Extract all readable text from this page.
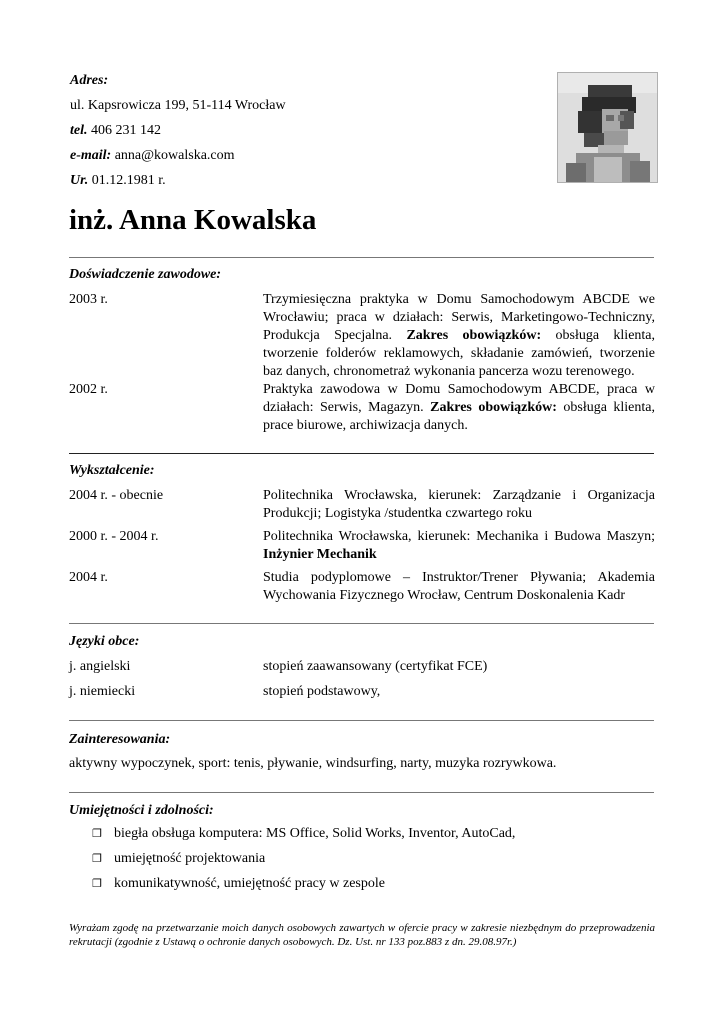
Adres:
ul. Kapsrowicza 199, 51-114 Wrocław
tel. 406 231 142
e-mail: anna@kowalska.com
Ur. 01.12.1981 r.
inż. Anna Kowalska
Doświadczenie zawodowe:
2003 r.	Trzymiesięczna praktyka w Domu Samochodowym ABCDE we Wrocławiu; praca w działach: Serwis, Marketingowo-Techniczny, Produkcja Specjalna. Zakres obowiązków: obsługa klienta, tworzenie folderów reklamowych, składanie zamówień, tworzenie baz danych, chronometraż wykonania pancerza wozu terenowego.
2002 r.	Praktyka zawodowa w Domu Samochodowym ABCDE, praca w działach: Serwis, Magazyn. Zakres obowiązków: obsługa klienta, prace biurowe, archiwizacja danych.
Wykształcenie:
2004 r. - obecnie	Politechnika Wrocławska, kierunek: Zarządzanie i Organizacja Produkcji; Logistyka /studentka czwartego roku
2000 r. - 2004 r.	Politechnika Wrocławska, kierunek: Mechanika i Budowa Maszyn; Inżynier Mechanik
2004 r.	Studia podyplomowe – Instruktor/Trener Pływania; Akademia Wychowania Fizycznego Wrocław, Centrum Doskonalenia Kadr
Języki obce:
j. angielski	stopień zaawansowany (certyfikat FCE)
j. niemiecki	stopień podstawowy,
Zainteresowania:
aktywny wypoczynek, sport: tenis, pływanie, windsurfing, narty, muzyka rozrywkowa.
Umiejętności i zdolności:
❐ biegła obsługa komputera: MS Office, Solid Works, Inventor, AutoCad,
❐ umiejętność projektowania
❐ komunikatywność, umiejętność pracy w zespole
Wyrażam zgodę na przetwarzanie moich danych osobowych zawartych w ofercie pracy w zakresie niezbędnym do przeprowadzenia rekrutacji (zgodnie z Ustawą o ochronie danych osobowych. Dz. Ust. nr 133 poz.883 z dn. 29.08.97r.)
